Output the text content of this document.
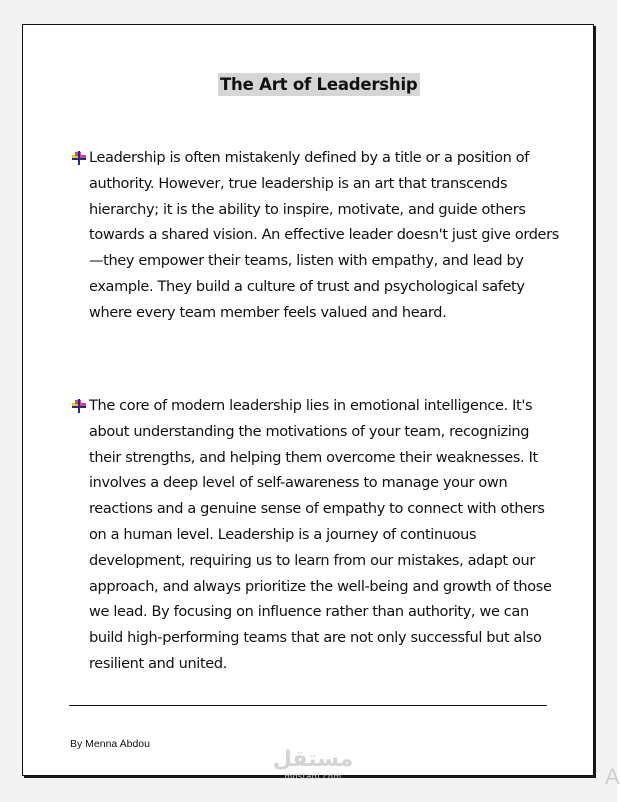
The Art of Leadership
Leadership is often mistakenly defined by a title or a position of authority. However, true leadership is an art that transcends hierarchy; it is the ability to inspire, motivate, and guide others towards a shared vision. An effective leader doesn't just give orders—they empower their teams, listen with empathy, and lead by example. They build a culture of trust and psychological safety where every team member feels valued and heard.
The core of modern leadership lies in emotional intelligence. It's about understanding the motivations of your team, recognizing their strengths, and helping them overcome their weaknesses. It involves a deep level of self-awareness to manage your own reactions and a genuine sense of empathy to connect with others on a human level. Leadership is a journey of continuous development, requiring us to learn from our mistakes, adapt our approach, and always prioritize the well-being and growth of those we lead. By focusing on influence rather than authority, we can build high-performing teams that are not only successful but also resilient and united.
By Menna Abdou
مستقل
mostaql.com	A
